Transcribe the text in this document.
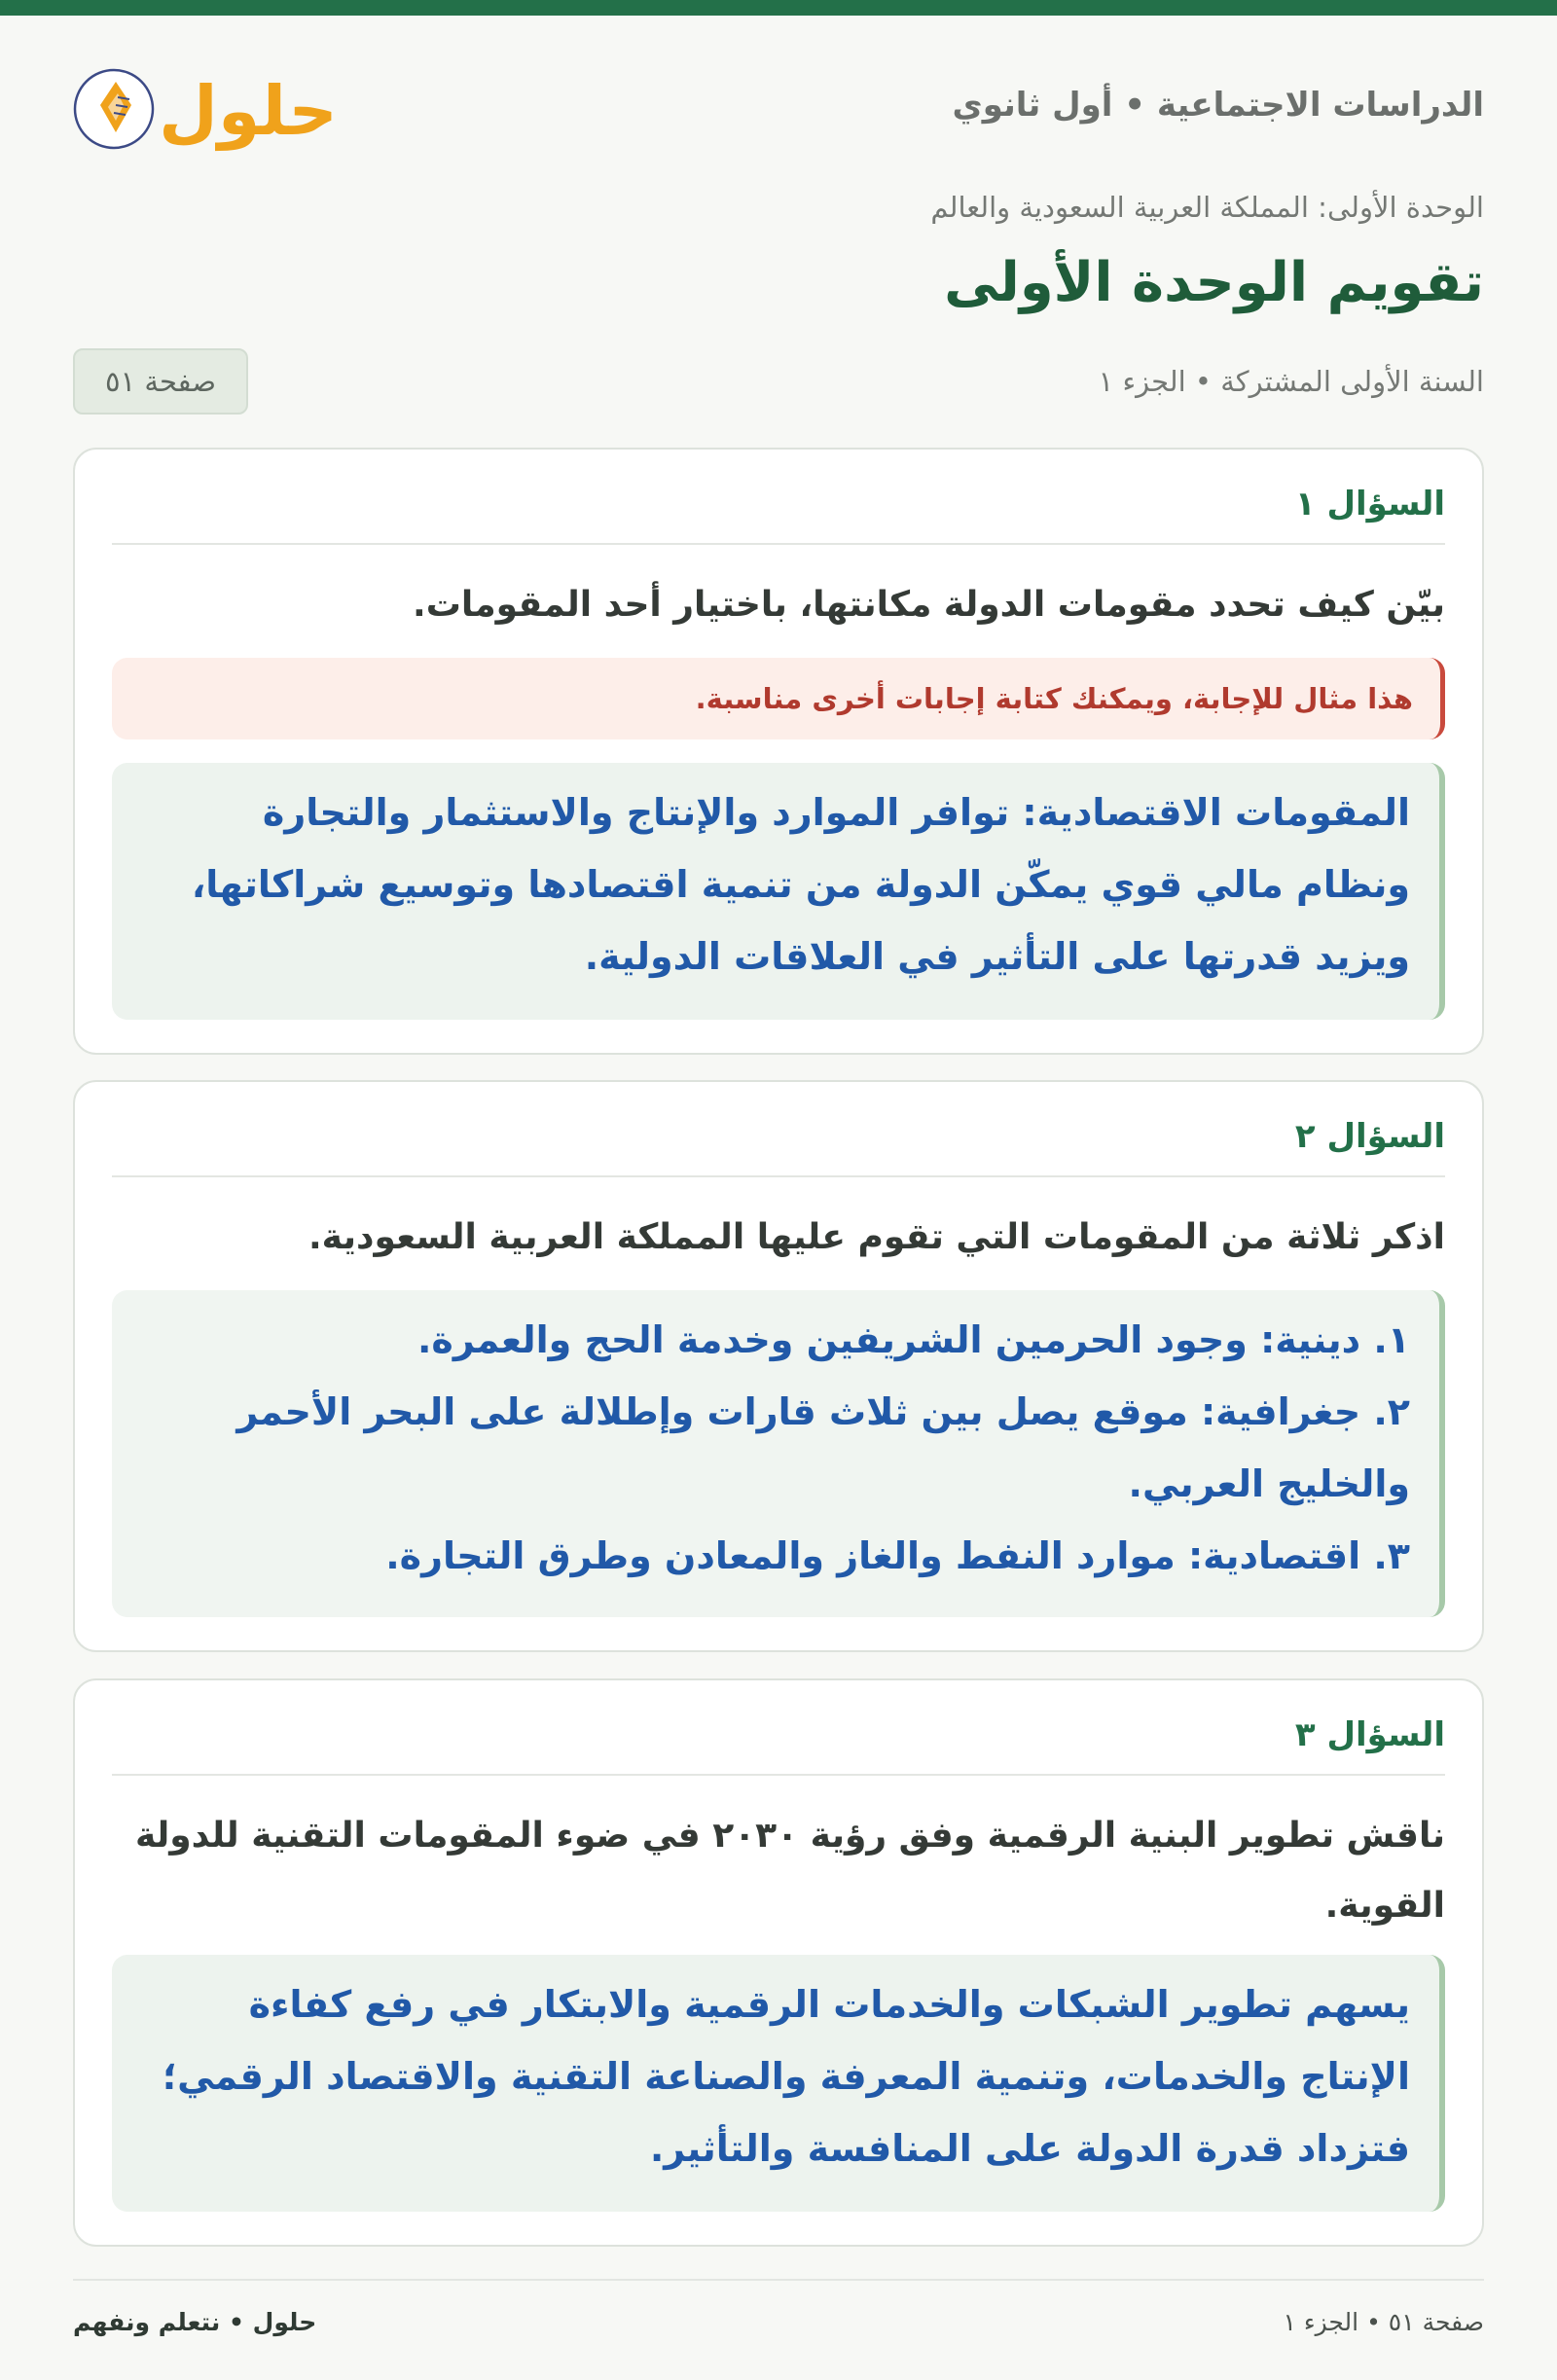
الدراسات الاجتماعية • أول ثانوي
حلول
الوحدة الأولى: المملكة العربية السعودية والعالم
تقويم الوحدة الأولى
السنة الأولى المشتركة • الجزء ١
صفحة ٥١
السؤال ١
بيّن كيف تحدد مقومات الدولة مكانتها، باختيار أحد المقومات.
هذا مثال للإجابة، ويمكنك كتابة إجابات أخرى مناسبة.
المقومات الاقتصادية: توافر الموارد والإنتاج والاستثمار والتجارة ونظام مالي قوي يمكّن الدولة من تنمية اقتصادها وتوسيع شراكاتها، ويزيد قدرتها على التأثير في العلاقات الدولية.
السؤال ٢
اذكر ثلاثة من المقومات التي تقوم عليها المملكة العربية السعودية.
١. دينية: وجود الحرمين الشريفين وخدمة الحج والعمرة.
٢. جغرافية: موقع يصل بين ثلاث قارات وإطلالة على البحر الأحمر والخليج العربي.
٣. اقتصادية: موارد النفط والغاز والمعادن وطرق التجارة.
السؤال ٣
ناقش تطوير البنية الرقمية وفق رؤية ٢٠٣٠ في ضوء المقومات التقنية للدولة القوية.
يسهم تطوير الشبكات والخدمات الرقمية والابتكار في رفع كفاءة الإنتاج والخدمات، وتنمية المعرفة والصناعة التقنية والاقتصاد الرقمي؛ فتزداد قدرة الدولة على المنافسة والتأثير.
صفحة ٥١ • الجزء ١
حلول • نتعلم ونفهم
